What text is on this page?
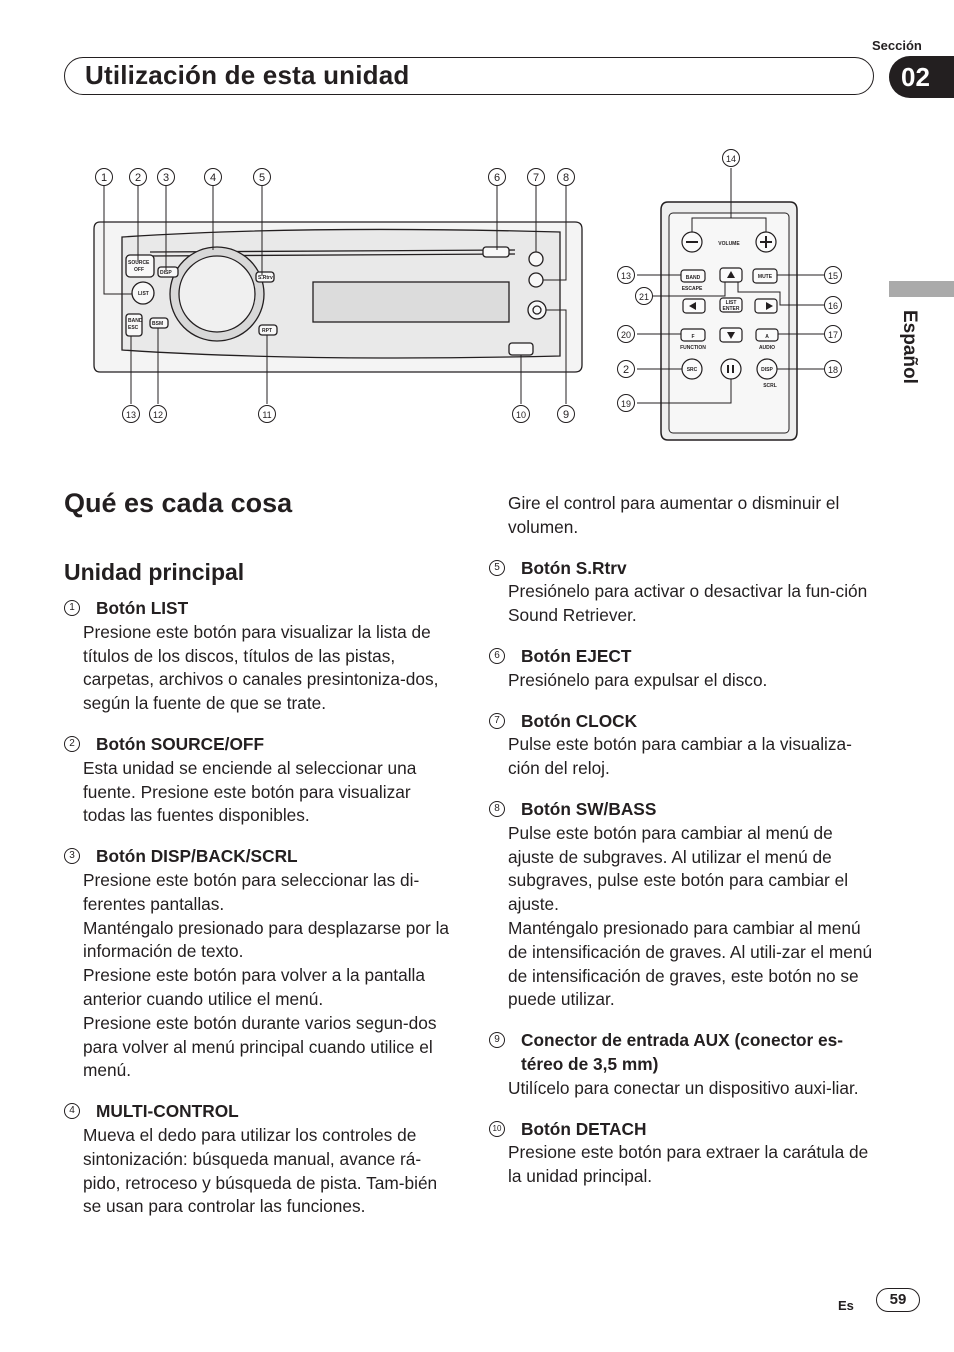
Sección
Utilización de esta unidad	02
Español
SOURCE
OFF	DISP
LIST
BAND
ESC
BSM
S.Rtrv
RPT
1	2 3	4	5	6	7 8
13 12	11	10	9
VOLUME
BAND
ESCAPE
MUTE
LIST
ENTER
F
FUNCTION
A
AUDIO
SRC	DISP
SCRL
14
13
21
20
2
19
15
16
17
18
Qué es cada cosa
Unidad principal
1	Botón LIST

Presione este botón para visualizar la lista de títulos de los discos, títulos de las pistas, carpetas, archivos o canales presintoniza-dos, según la fuente de que se trate.

2	Botón SOURCE/OFF

Esta unidad se enciende al seleccionar una fuente. Presione este botón para visualizar todas las fuentes disponibles.

3	Botón DISP/BACK/SCRL

Presione este botón para seleccionar las di-ferentes pantallas.

Manténgalo presionado para desplazarse por la información de texto.

Presione este botón para volver a la pantalla anterior cuando utilice el menú.

Presione este botón durante varios segun-dos para volver al menú principal cuando utilice el menú.

4	MULTI-CONTROL

Mueva el dedo para utilizar los controles de sintonización: búsqueda manual, avance rá-pido, retroceso y búsqueda de pista. Tam-bién se usan para controlar las funciones.

Gire el control para aumentar o disminuir el volumen.

5	Botón S.Rtrv

Presiónelo para activar o desactivar la fun-ción Sound Retriever.

6	Botón EJECT

Presiónelo para expulsar el disco.

7	Botón CLOCK

Pulse este botón para cambiar a la visualiza-ción del reloj.

8	Botón SW/BASS

Pulse este botón para cambiar al menú de ajuste de subgraves. Al utilizar el menú de subgraves, pulse este botón para cambiar el ajuste.

Manténgalo presionado para cambiar al menú de intensificación de graves. Al utili-zar el menú de intensificación de graves, este botón no se puede utilizar.

9	Conector de entrada AUX (conector es-téreo de 3,5 mm)

Utilícelo para conectar un dispositivo auxi-liar.

10 Botón DETACH

Presione este botón para extraer la carátula de la unidad principal.

Es	59
